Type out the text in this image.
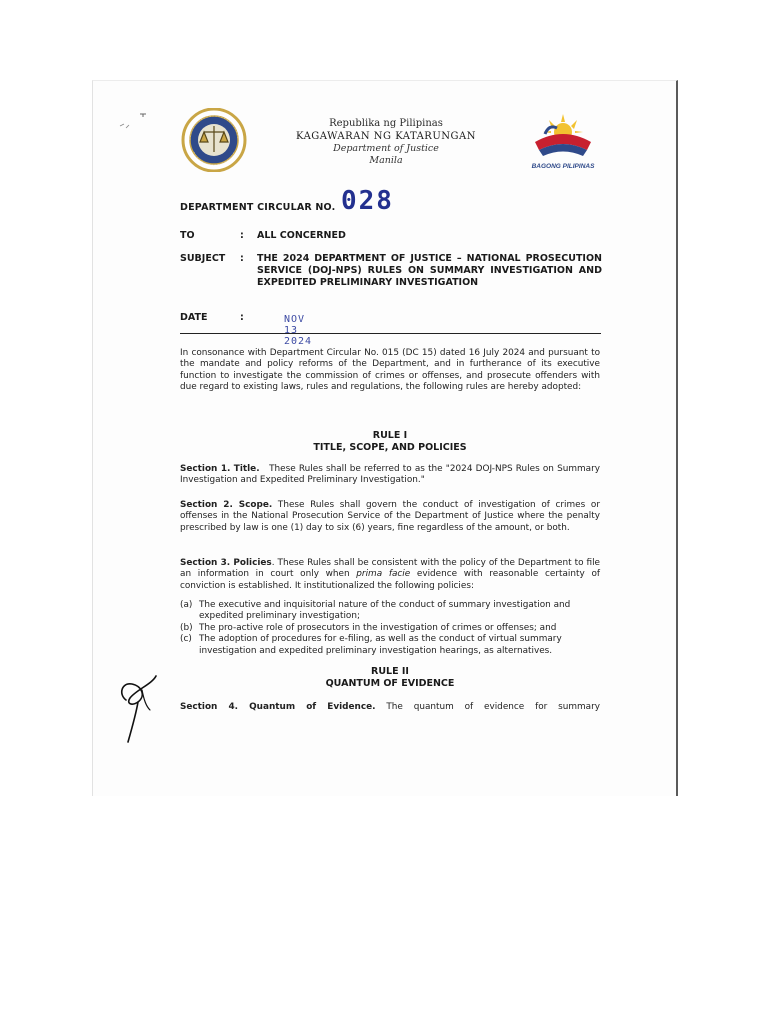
Republika ng Pilipinas
KAGAWARAN NG KATARUNGAN
Department of Justice
Manila
BAGONG PILIPINAS
DEPARTMENT CIRCULAR NO. 028
TO	:	ALL CONCERNED
SUBJECT	:	THE 2024 DEPARTMENT OF JUSTICE – NATIONAL PROSECUTION SERVICE (DOJ-NPS) RULES ON SUMMARY INVESTIGATION AND EXPEDITED PRELIMINARY INVESTIGATION
DATE	:	NOV 13 2024
In consonance with Department Circular No. 015 (DC 15) dated 16 July 2024 and pursuant to the mandate and policy reforms of the Department, and in furtherance of its executive function to investigate the commission of crimes or offenses, and prosecute offenders with due regard to existing laws, rules and regulations, the following rules are hereby adopted:
RULE I
TITLE, SCOPE, AND POLICIES
Section 1. Title. These Rules shall be referred to as the "2024 DOJ-NPS Rules on Summary Investigation and Expedited Preliminary Investigation."
Section 2. Scope. These Rules shall govern the conduct of investigation of crimes or offenses in the National Prosecution Service of the Department of Justice where the penalty prescribed by law is one (1) day to six (6) years, fine regardless of the amount, or both.
Section 3. Policies. These Rules shall be consistent with the policy of the Department to file an information in court only when prima facie evidence with reasonable certainty of conviction is established. It institutionalized the following policies:
(a) The executive and inquisitorial nature of the conduct of summary investigation and expedited preliminary investigation;
(b) The pro-active role of prosecutors in the investigation of crimes or offenses; and
(c) The adoption of procedures for e-filing, as well as the conduct of virtual summary investigation and expedited preliminary investigation hearings, as alternatives.
RULE II
QUANTUM OF EVIDENCE
Section 4. Quantum of Evidence. The quantum of evidence for summary
